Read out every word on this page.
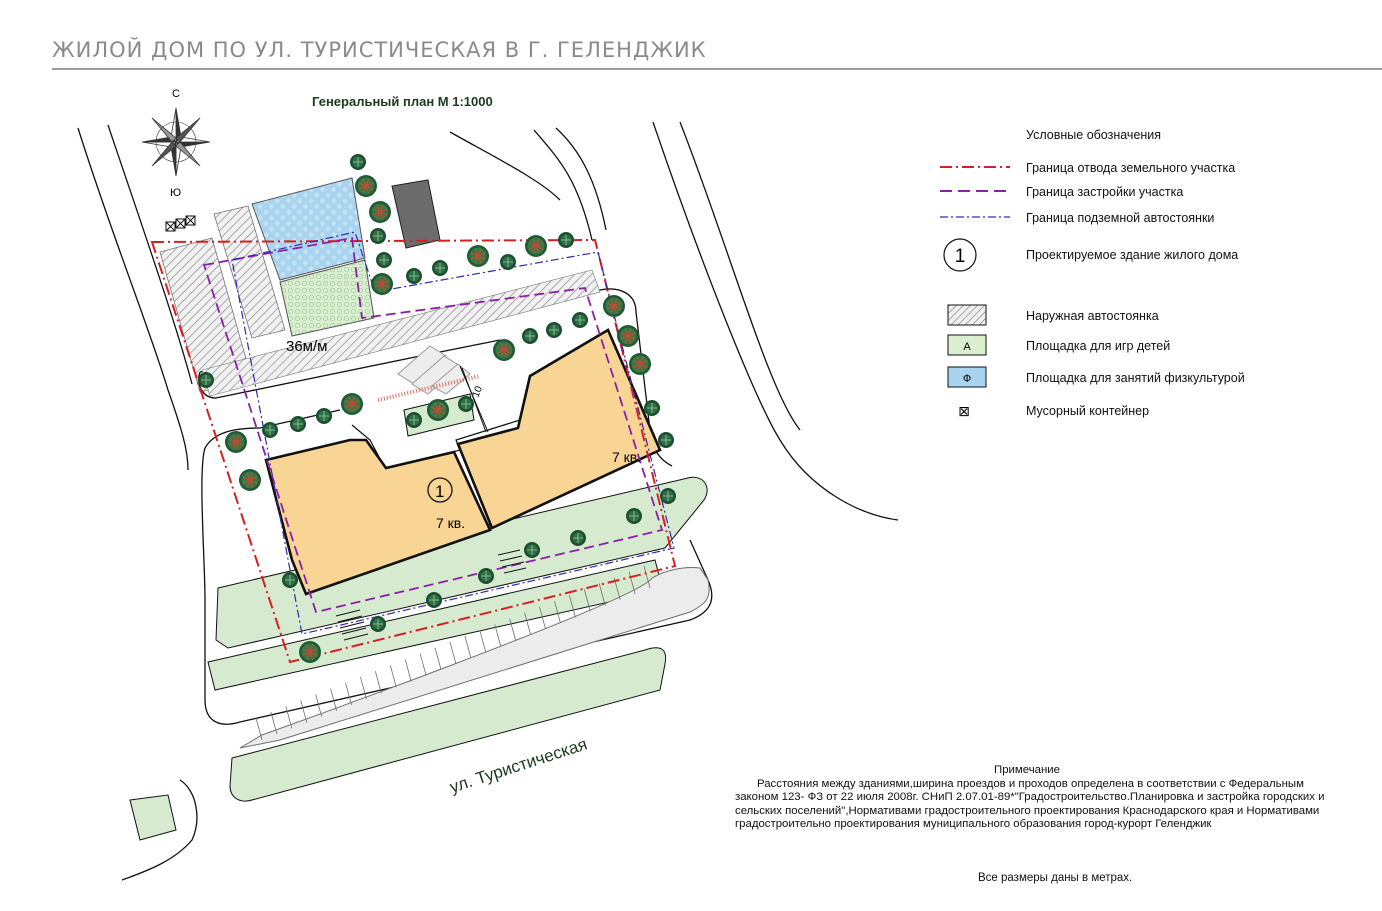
ЖИЛОЙ ДОМ ПО УЛ. ТУРИСТИЧЕСКАЯ В Г. ГЕЛЕНДЖИК
Генеральный план М 1:1000
10
С
Ю
36м/м
1
7 кв.
7 кв.
ул. Туристическая
Условные обозначения
Граница отвода земельного участка
Граница застройки участка
Граница подземной автостоянки
1	Проектируемое здание жилого дома
Наружная автостоянка
А	Площадка для игр детей
Ф	Площадка для занятий физкультурой
⊠	Мусорный контейнер
Примечание
Расстояния между зданиями,ширина проездов и проходов определена в соответствии с Федеральным законом 123- ФЗ от 22 июля 2008г. СНиП 2.07.01-89*"Градостроительство.Планировка и застройка городских и сельских поселений",Нормативами градостроительного проектирования Краснодарского края и Нормативами градостроительно проектирования муниципального образования город-курорт Геленджик
Все размеры даны в метрах.
